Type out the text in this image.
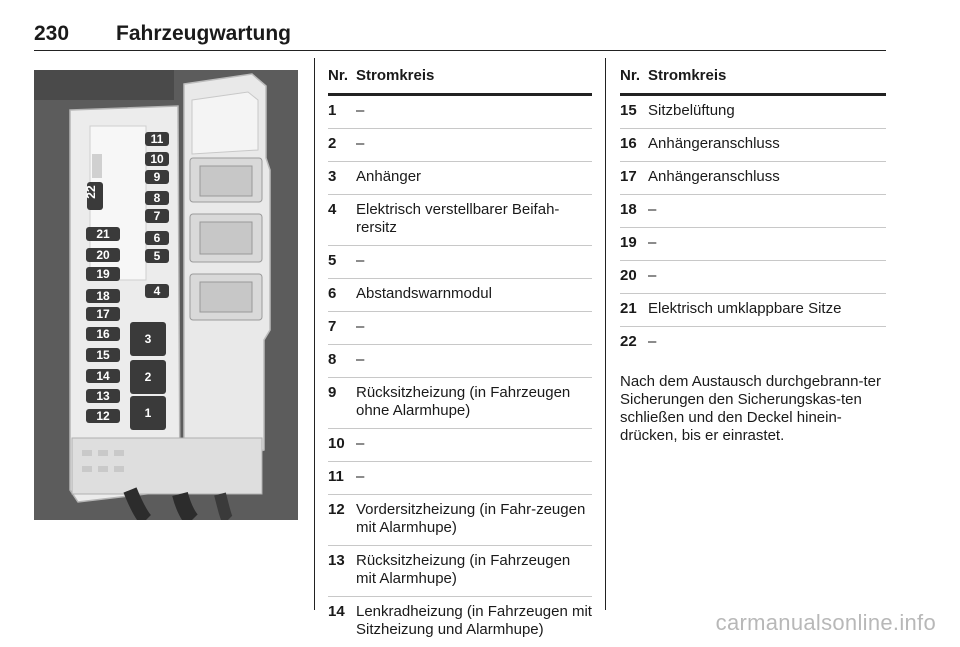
230 Fahrzeugwartung
21
20
19
18
17
16
15
14
13
12
22
11
10
9
8
7
6
5
4
3
2
1
Nr. Stromkreis
1	–
2	–
3	Anhänger
4	Elektrisch verstellbarer Beifah-rersitz
5	–
6	Abstandswarnmodul
7	–
8	–
9	Rücksitzheizung (in Fahrzeugen ohne Alarmhupe)
10 –
11 –
12 Vordersitzheizung (in Fahr-zeugen mit Alarmhupe)
13 Rücksitzheizung (in Fahrzeugen mit Alarmhupe)
14 Lenkradheizung (in Fahrzeugen mit Sitzheizung und Alarmhupe)
Nr. Stromkreis
15 Sitzbelüftung
16 Anhängeranschluss
17 Anhängeranschluss
18 –
19 –
20 –
21 Elektrisch umklappbare Sitze
22 –
Nach dem Austausch durchgebrann-ter Sicherungen den Sicherungskas-ten schließen und den Deckel hinein-drücken, bis er einrastet.
carmanualsonline.info
